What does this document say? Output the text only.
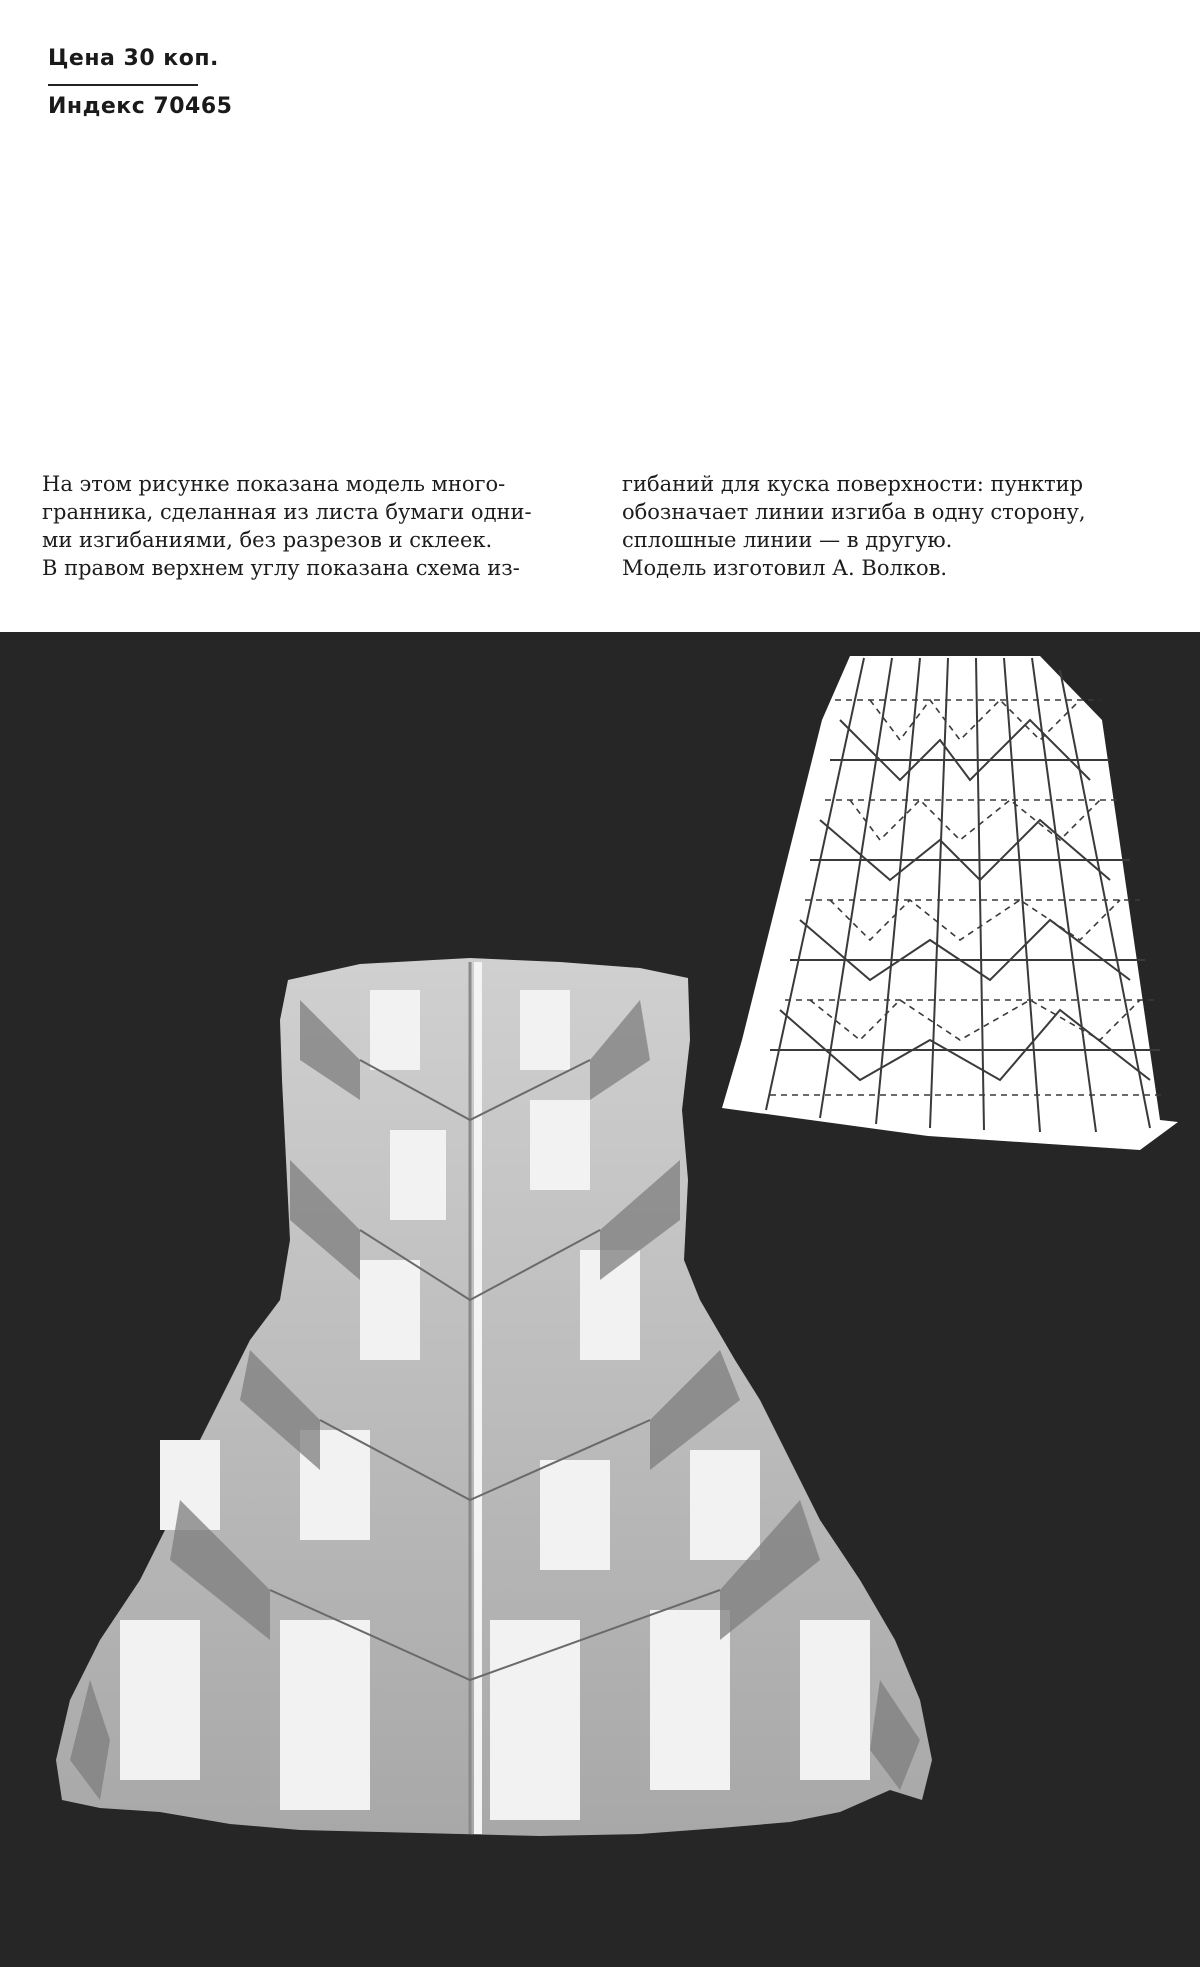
Цена 30 коп.
Индекс 70465
На этом рисунке показана модель много-
гранника, сделанная из листа бумаги одни-
ми изгибаниями, без разрезов и склеек.
В правом верхнем углу показана схема из-
гибаний для куска поверхности: пунктир
обозначает линии изгиба в одну сторону,
сплошные линии — в другую.
Модель изготовил А. Волков.
